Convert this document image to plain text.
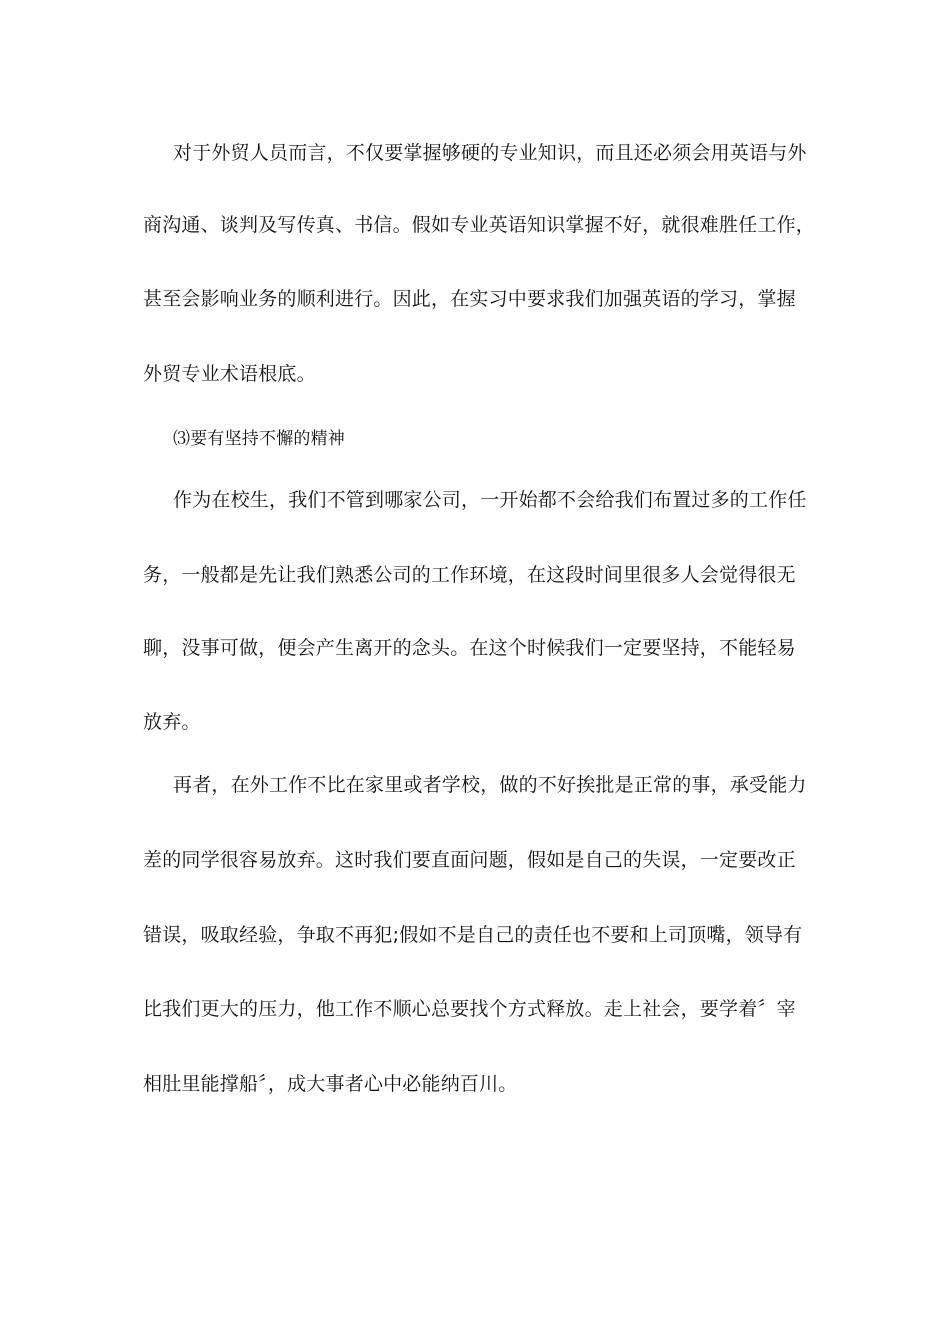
对于外贸人员而言，不仅要掌握够硬的专业知识，而且还必须会用英语与外
商沟通、谈判及写传真、书信。假如专业英语知识掌握不好，就很难胜任工作，
甚至会影响业务的顺利进行。因此，在实习中要求我们加强英语的学习，掌握
外贸专业术语根底。
⑶要有坚持不懈的精神
作为在校生，我们不管到哪家公司，一开始都不会给我们布置过多的工作任
务，一般都是先让我们熟悉公司的工作环境，在这段时间里很多人会觉得很无
聊，没事可做，便会产生离开的念头。在这个时候我们一定要坚持，不能轻易
放弃。
再者，在外工作不比在家里或者学校，做的不好挨批是正常的事，承受能力
差的同学很容易放弃。这时我们要直面问题，假如是自己的失误，一定要改正
错误，吸取经验，争取不再犯;假如不是自己的责任也不要和上司顶嘴，领导有
比我们更大的压力，他工作不顺心总要找个方式释放。走上社会，要学着〞宰
相肚里能撑船〞，成大事者心中必能纳百川。
